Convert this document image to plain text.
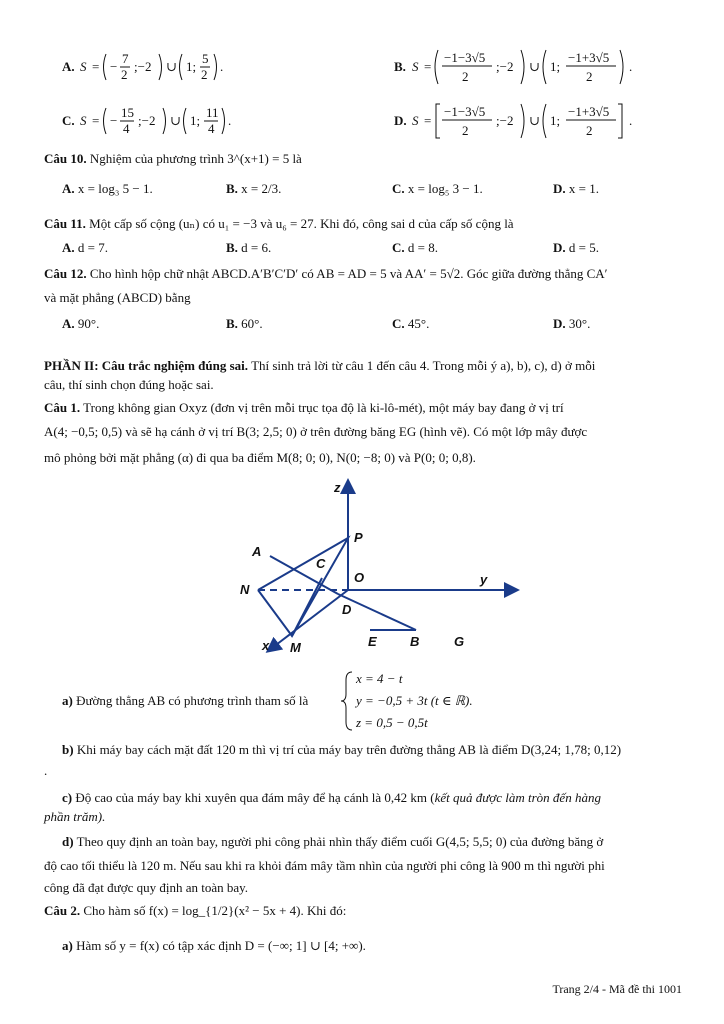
A. S = −
7
2
;−2 ∪ 1;
5
2
.	B. S =
−1−3√5
2
;−2 ∪ 1;
−1+3√5
2
.
C. S = −
15
4
;−2 ∪ 1;
11
4
.	D. S =
−1−3√5
2
;−2 ∪ 1;
−1+3√5
2
.
Câu 10. Nghiệm của phương trình 3^(x+1) = 5 là
A. x = log₃ 5 − 1.	B. x = 2/3.	C. x = log₅ 3 − 1.	D. x = 1.
Câu 11. Một cấp số cộng (uₙ) có u₁ = −3 và u₆ = 27. Khi đó, công sai d của cấp số cộng là
A. d = 7.	B. d = 6.	C. d = 8.	D. d = 5.
Câu 12. Cho hình hộp chữ nhật ABCD.A′B′C′D′ có AB = AD = 5 và AA′ = 5√2. Góc giữa đường thẳng CA′
và mặt phẳng (ABCD) bằng
A. 90°.	B. 60°.	C. 45°.	D. 30°.
PHẦN II: Câu trắc nghiệm đúng sai. Thí sinh trả lời từ câu 1 đến câu 4. Trong mỗi ý a), b), c), d) ở mỗi
câu, thí sinh chọn đúng hoặc sai.
Câu 1. Trong không gian Oxyz (đơn vị trên mỗi trục tọa độ là ki-lô-mét), một máy bay đang ở vị trí
A(4; −0,5; 0,5) và sẽ hạ cánh ở vị trí B(3; 2,5; 0) ở trên đường băng EG (hình vẽ). Có một lớp mây được
mô phỏng bởi mặt phẳng (α) đi qua ba điểm M(8; 0; 0), N(0; −8; 0) và P(0; 0; 0,8).
z
y
x
P
A
C
O
N
D
M	E	B	G
a) Đường thẳng AB có phương trình tham số là
x = 4 − t
y = −0,5 + 3t (t ∈ ℝ).
z = 0,5 − 0,5t
b) Khi máy bay cách mặt đất 120 m thì vị trí của máy bay trên đường thẳng AB là điểm D(3,24; 1,78; 0,12)
.
c) Độ cao của máy bay khi xuyên qua đám mây để hạ cánh là 0,42 km (kết quả được làm tròn đến hàng
phần trăm).
d) Theo quy định an toàn bay, người phi công phải nhìn thấy điểm cuối G(4,5; 5,5; 0) của đường băng ở
độ cao tối thiểu là 120 m. Nếu sau khi ra khỏi đám mây tầm nhìn của người phi công là 900 m thì người phi
công đã đạt được quy định an toàn bay.
Câu 2. Cho hàm số f(x) = log_{1/2}(x² − 5x + 4). Khi đó:
a) Hàm số y = f(x) có tập xác định D = (−∞; 1] ∪ [4; +∞).
Trang 2/4 - Mã đề thi 1001
